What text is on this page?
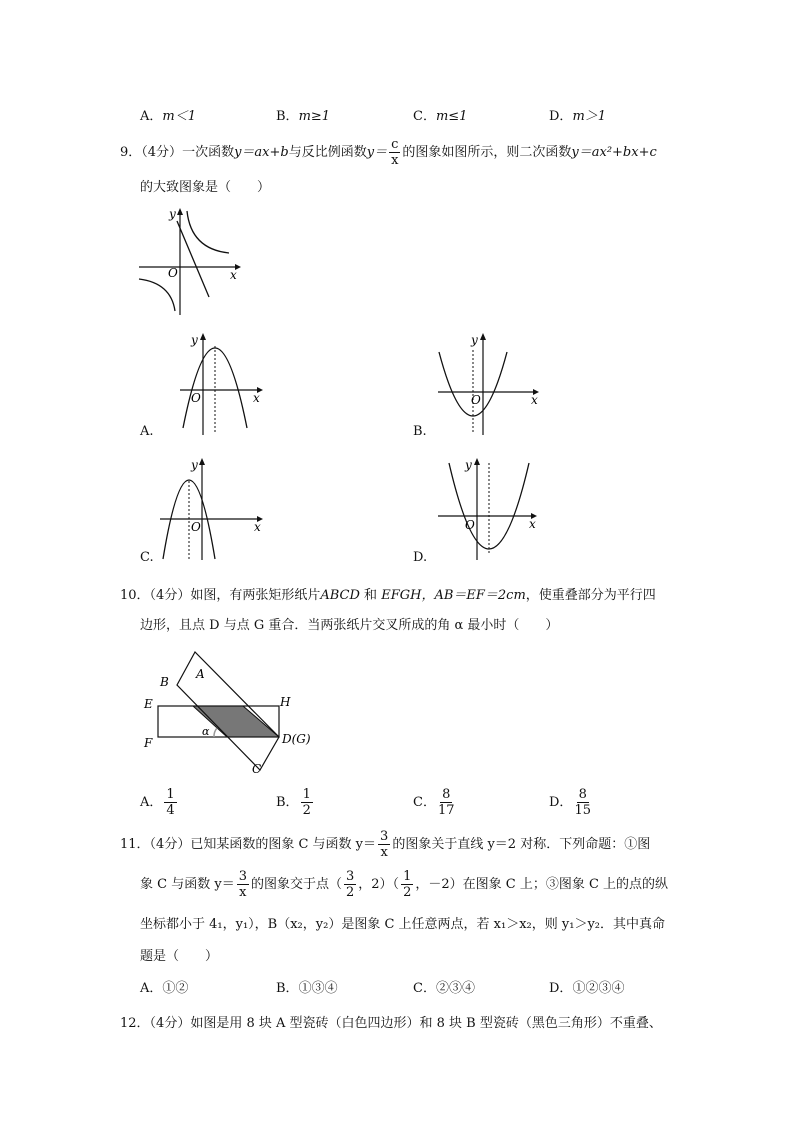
A．m＜1	B．m≥1	C．m≤1	D．m＞1
9．（4分）一次函数y＝ax+b与反比例函数$y= \frac{c}{x}$ 的图象如图所示，则二次函数y＝ax²+bx+c
的大致图象是（　　）
O	x
y
O	x
y
A.
O	x
y
B.
O	x
y
C.
O	x
y
D.
10．（4分）如图，有两张矩形纸片ABCD 和 EFGH，AB＝EF＝2cm，使重叠部分为平行四
边形，且点 D 与点 G 重合．当两张纸片交叉所成的角 α 最小时（　　）
A
B
C
D(G)
E
F
H
α
A． $\frac{1}{4}$	B． $\frac{1}{2}$	C． $\frac{8}{17}$	D． $\frac{8}{15}$
11．（4分）已知某函数的图象 C 与函数 $y= \frac{3}{x}$ 的图象关于直线 y＝2 对称．下列命题：①图
象 C 与函数 $y= \frac{3}{x}$ 的图象交于点（ $\frac{3}{2}$ ，$2)( \frac{1}{2}$ ，－2）在图象 C 上；③图象 C 上的点的纵
坐标都小于 4₁，y₁），B（x₂，y₂）是图象 C 上任意两点，若 x₁＞x₂，则 y₁＞y₂．其中真命
题是（　　）
A．①②	B．①③④	C．②③④	D．①②③④
12．（4分）如图是用 8 块 A 型瓷砖（白色四边形）和 8 块 B 型瓷砖（黑色三角形）不重叠、
